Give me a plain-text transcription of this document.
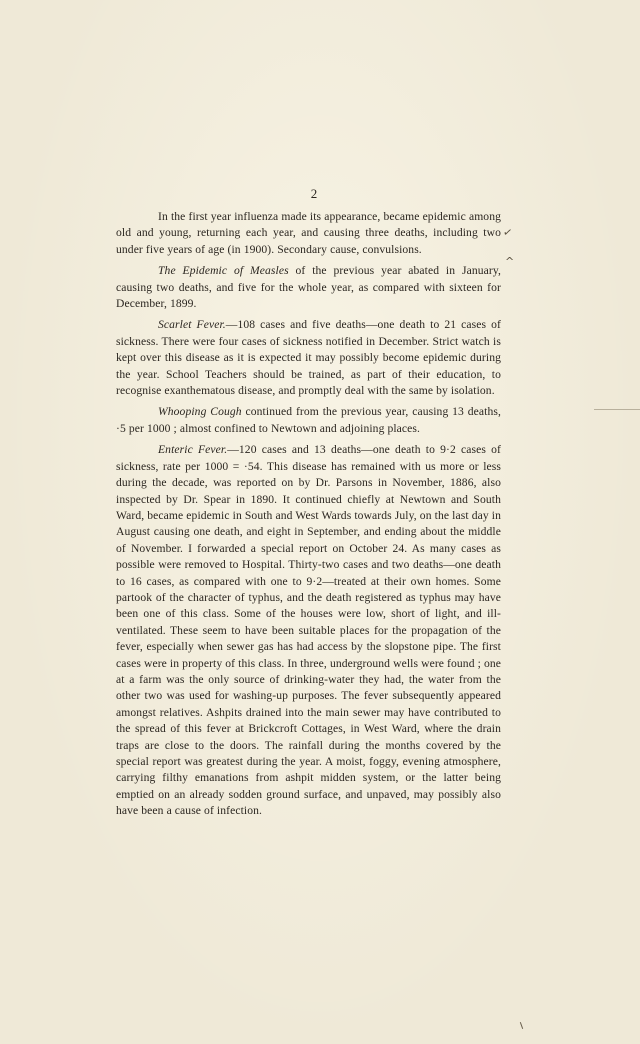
2

In the first year influenza made its appearance, became epidemic among old and young, returning each year, and causing three deaths, including two under five years of age (in 1900). Secondary cause, convulsions.

The Epidemic of Measles of the previous year abated in January, causing two deaths, and five for the whole year, as compared with sixteen for December, 1899.

Scarlet Fever.—108 cases and five deaths—one death to 21 cases of sickness. There were four cases of sickness notified in December. Strict watch is kept over this disease as it is expected it may possibly become epidemic during the year. School Teachers should be trained, as part of their education, to recognise exanthematous disease, and promptly deal with the same by isolation.

Whooping Cough continued from the previous year, causing 13 deaths, ·5 per 1000 ; almost confined to Newtown and adjoining places.

Enteric Fever.—120 cases and 13 deaths—one death to 9·2 cases of sickness, rate per 1000 = ·54. This disease has remained with us more or less during the decade, was reported on by Dr. Parsons in November, 1886, also inspected by Dr. Spear in 1890. It continued chiefly at Newtown and South Ward, became epidemic in South and West Wards towards July, on the last day in August causing one death, and eight in September, and ending about the middle of November. I forwarded a special report on October 24. As many cases as possible were removed to Hospital. Thirty-two cases and two deaths—one death to 16 cases, as compared with one to 9·2—treated at their own homes. Some partook of the character of typhus, and the death registered as typhus may have been one of this class. Some of the houses were low, short of light, and ill-ventilated. These seem to have been suitable places for the propagation of the fever, especially when sewer gas has had access by the slopstone pipe. The first cases were in property of this class. In three, underground wells were found ; one at a farm was the only source of drinking-water they had, the water from the other two was used for washing-up purposes. The fever subsequently appeared amongst relatives. Ashpits drained into the main sewer may have contributed to the spread of this fever at Brickcroft Cottages, in West Ward, where the drain traps are close to the doors. The rainfall during the months covered by the special report was greatest during the year. A moist, foggy, evening atmosphere, carrying filthy emanations from ashpit midden system, or the latter being emptied on an already sodden ground surface, and unpaved, may possibly also have been a cause of infection.

✓
^
